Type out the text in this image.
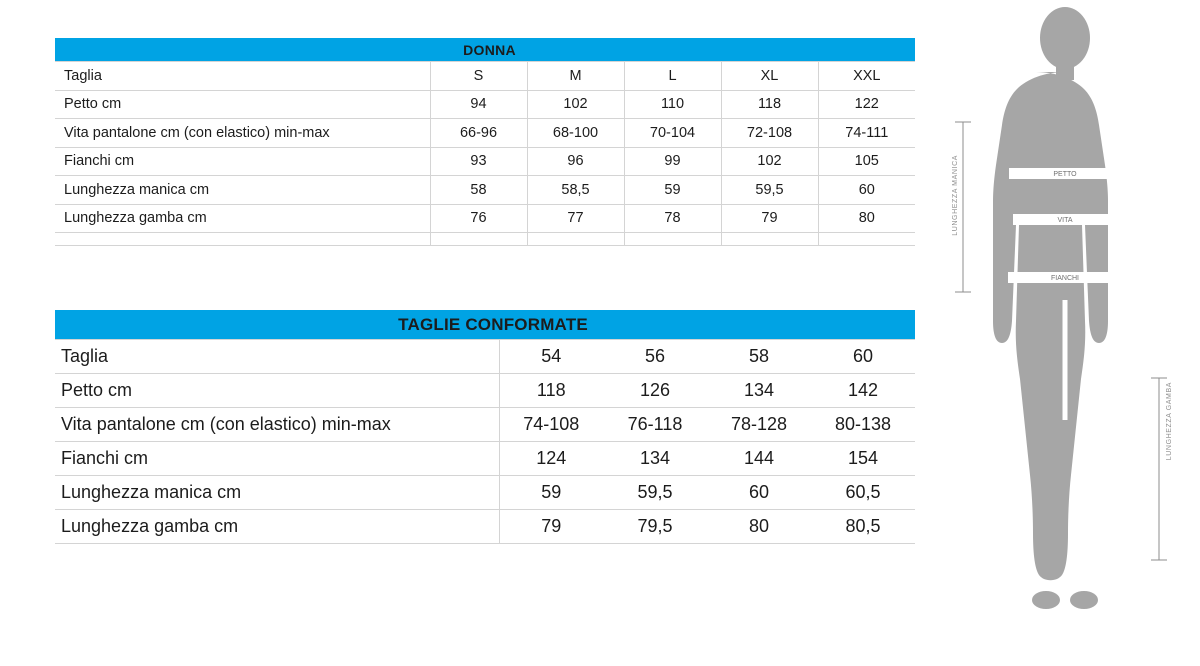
DONNA					
Taglia	S	M	L	XL	XXL
Petto cm	94	102	110	118	122
Vita pantalone cm (con elastico) min-max	66-96	68-100	70-104	72-108	74-111
Fianchi cm	93	96	99	102	105
Lunghezza manica cm	58	58,5	59	59,5	60
Lunghezza gamba cm	76	77	78	79	80

TAGLIE CONFORMATE				
Taglia	54	56	58	60
Petto cm	118	126	134	142
Vita pantalone cm (con elastico) min-max	74-108	76-118	78-128	80-138
Fianchi cm	124	134	144	154
Lunghezza manica cm	59	59,5	60	60,5
Lunghezza gamba cm	79	79,5	80	80,5
PETTO
VITA
FIANCHI
LUNGHEZZA MANICA
LUNGHEZZA GAMBA
